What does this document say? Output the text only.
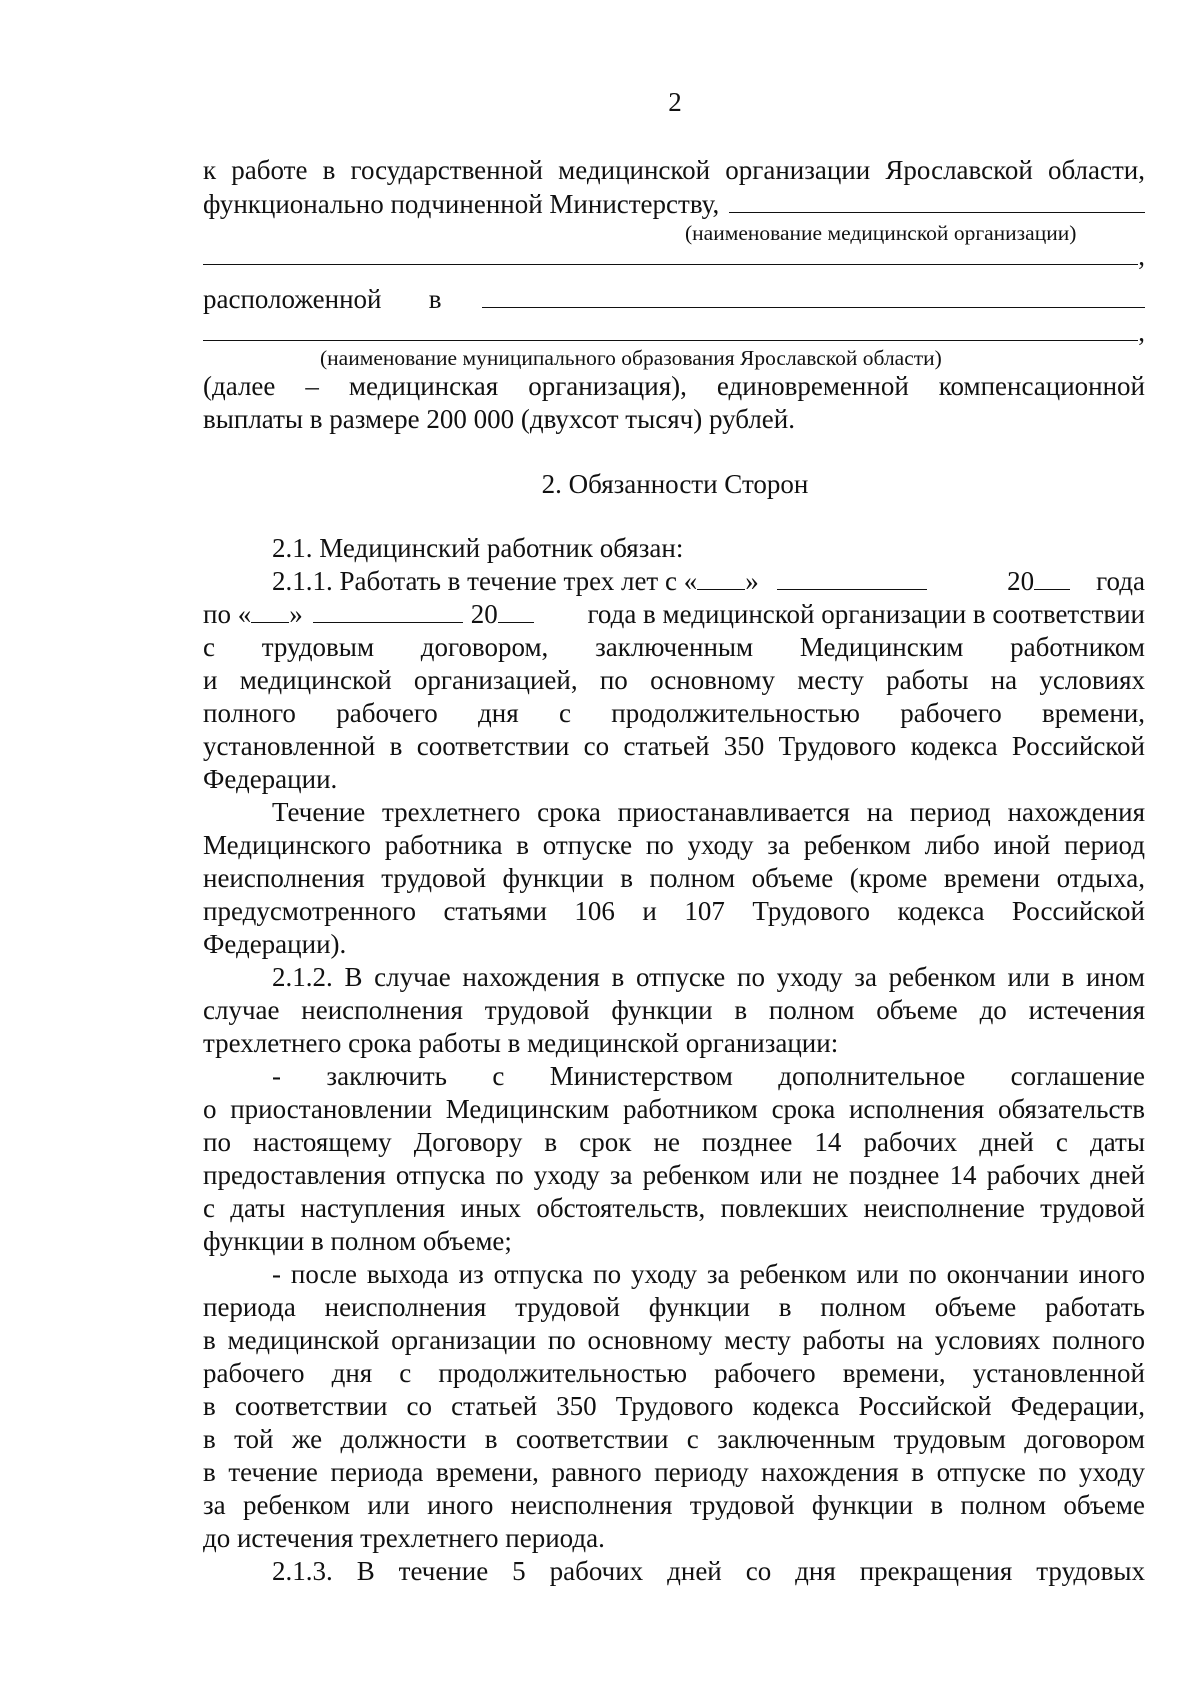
2
к работе в государственной медицинской организации Ярославской области,
функционально подчиненной Министерству,
(наименование медицинской организации)
,
расположенной       в
,
(наименование муниципального образования Ярославской области)
(далее – медицинская организация), единовременной компенсационной
выплаты в размере 200 000 (двухсот тысяч) рублей.
2. Обязанности Сторон
2.1. Медицинский работник обязан:
2.1.1. Работать в течение трех лет с « »	20 года
по « »	20	года в медицинской организации в соответствии
с трудовым договором, заключенным Медицинским работником
и медицинской организацией, по основному месту работы на условиях
полного рабочего дня с продолжительностью рабочего времени,
установленной в соответствии со статьей 350 Трудового кодекса Российской
Федерации.
Течение трехлетнего срока приостанавливается на период нахождения
Медицинского работника в отпуске по уходу за ребенком либо иной период
неисполнения трудовой функции в полном объеме (кроме времени отдыха,
предусмотренного статьями 106 и 107 Трудового кодекса Российской
Федерации).
2.1.2. В случае нахождения в отпуске по уходу за ребенком или в ином
случае неисполнения трудовой функции в полном объеме до истечения
трехлетнего срока работы в медицинской организации:
- заключить с Министерством дополнительное соглашение
о приостановлении Медицинским работником срока исполнения обязательств
по настоящему Договору в срок не позднее 14 рабочих дней с даты
предоставления отпуска по уходу за ребенком или не позднее 14 рабочих дней
с даты наступления иных обстоятельств, повлекших неисполнение трудовой
функции в полном объеме;
- после выхода из отпуска по уходу за ребенком или по окончании иного
периода неисполнения трудовой функции в полном объеме работать
в медицинской организации по основному месту работы на условиях полного
рабочего дня с продолжительностью рабочего времени, установленной
в соответствии со статьей 350 Трудового кодекса Российской Федерации,
в той же должности в соответствии с заключенным трудовым договором
в течение периода времени, равного периоду нахождения в отпуске по уходу
за ребенком или иного неисполнения трудовой функции в полном объеме
до истечения трехлетнего периода.
2.1.3. В течение 5 рабочих дней со дня прекращения трудовых
